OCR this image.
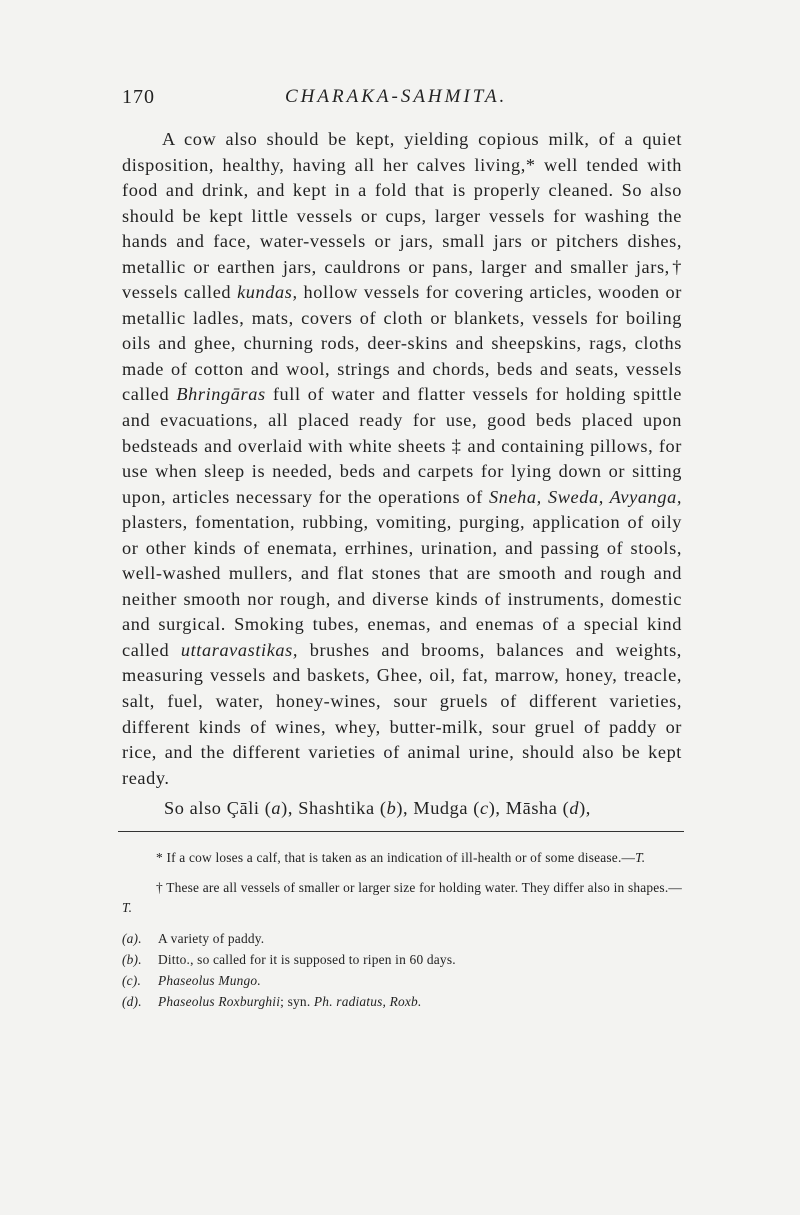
170	CHARAKA-SAHMITA.

A cow also should be kept, yielding copious milk, of a quiet disposition, healthy, having all her calves living,* well tended with food and drink, and kept in a fold that is properly cleaned. So also should be kept little vessels or cups, larger vessels for washing the hands and face, water-vessels or jars, small jars or pitchers dishes, metallic or earthen jars, cauldrons or pans, larger and smaller jars,† vessels called kundas, hollow vessels for covering articles, wooden or metallic ladles, mats, covers of cloth or blankets, vessels for boiling oils and ghee, churning rods, deer-skins and sheepskins, rags, cloths made of cotton and wool, strings and chords, beds and seats, vessels called Bhringāras full of water and flatter vessels for holding spittle and evacuations, all placed ready for use, good beds placed upon bedsteads and overlaid with white sheets ‡ and containing pillows, for use when sleep is needed, beds and carpets for lying down or sitting upon, articles necessary for the operations of Sneha, Sweda, Avyanga, plasters, fomentation, rubbing, vomiting, purging, application of oily or other kinds of enemata, errhines, urination, and passing of stools, well-washed mullers, and flat stones that are smooth and rough and neither smooth nor rough, and diverse kinds of instruments, domestic and surgical. Smoking tubes, enemas, and enemas of a special kind called uttaravastikas, brushes and brooms, balances and weights, measuring vessels and baskets, Ghee, oil, fat, marrow, honey, treacle, salt, fuel, water, honey-wines, sour gruels of different varieties, different kinds of wines, whey, butter-milk, sour gruel of paddy or rice, and the different varieties of animal urine, should also be kept ready.

So also Çāli (a), Shashtika (b), Mudga (c), Māsha (d),

* If a cow loses a calf, that is taken as an indication of ill-health or of some disease.—T.

† These are all vessels of smaller or larger size for holding water. They differ also in shapes.—T.

(a). A variety of paddy.

(b). Ditto., so called for it is supposed to ripen in 60 days.

(c). Phaseolus Mungo.

(d). Phaseolus Roxburghii; syn. Ph. radiatus, Roxb.
